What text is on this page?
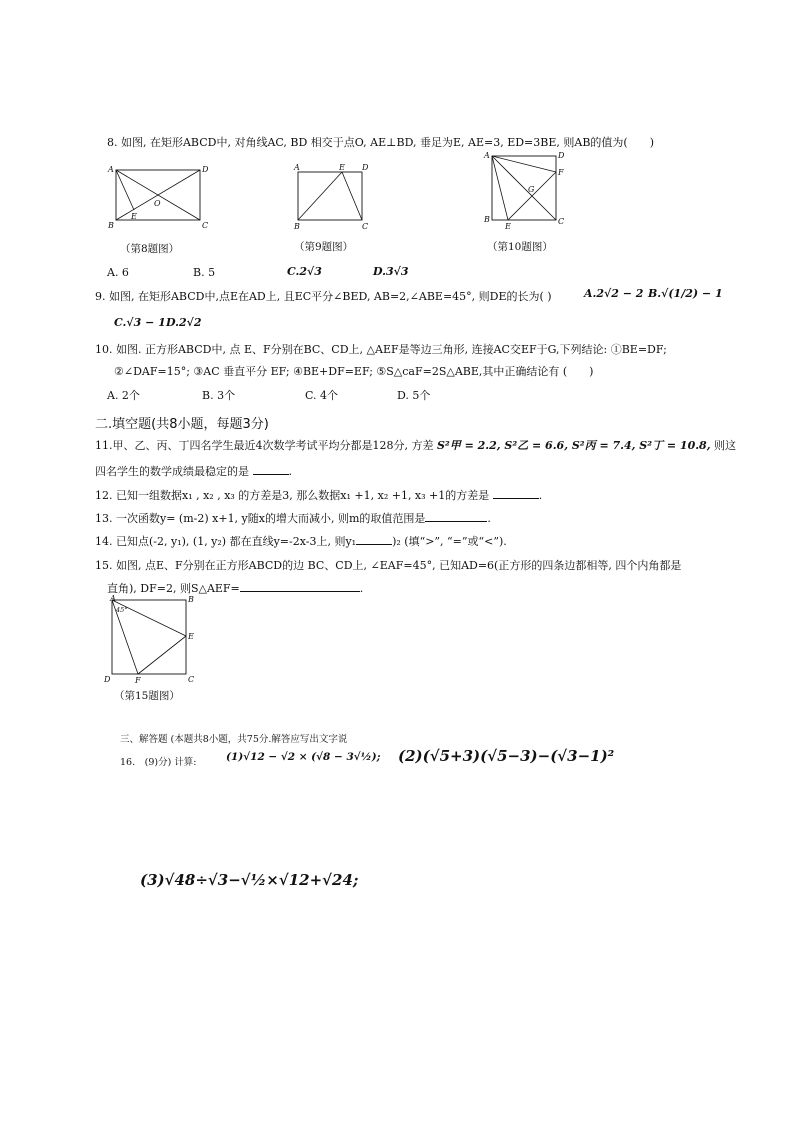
8. 如图, 在矩形ABCD中, 对角线AC, BD 相交于点O, AE⊥BD, 垂足为E, AE=3, ED=3BE, 则AB的值为(　　)
A	D
B	C
E
O
（第8题图）
A	E D
B	C
（第9题图）
A	D
F
G
B
E
C
（第10题图）
A. 6	B. 5	C.2√3	D.3√3
9. 如图, 在矩形ABCD中,点E在AD上, 且EC平分∠BED, AB=2,∠ABE=45°, 则DE的长为( )	A.2√2 − 2 B.√(1/2) − 1
C.√3 − 1 D.2√2
10. 如图. 正方形ABCD中, 点 E、F分别在BC、CD上, △AEF是等边三角形, 连接AC交EF于G,下列结论: ①BE=DF;
②∠DAF=15°; ③AC 垂直平分 EF; ④BE+DF=EF; ⑤S△caF=2S△ABE,其中正确结论有 (　　)
A. 2个	B. 3个	C. 4个	D. 5个
二.填空题(共8小题，每题3分)
11.甲、乙、丙、丁四名学生最近4次数学考试平均分都是128分, 方差 S²甲 = 2.2, S²乙 = 6.6, S²丙 = 7.4, S²丁 = 10.8, 则这
四名学生的数学成绩最稳定的是	.
12. 已知一组数据x₁ , x₂ , x₃ 的方差是3, 那么数据x₁ +1, x₂ +1, x₃ +1的方差是	.
13. 一次函数y= (m-2) x+1, y随x的增大而减小, 则m的取值范围是	.
14. 已知点(-2, y₁), (1, y₂) 都在直线y=-2x-3上, 则y₁	)₂ (填“>”, “=”或“<”).
15. 如图, 点E、F分别在正方形ABCD的边 BC、CD上, ∠EAF=45°, 已知AD=6(正方形的四条边都相等, 四个内角都是
直角), DF=2, 则S△AEF=	.
A	B
E
D	F	C
45°
（第15题图）
三、解答题 (本题共8小题，共75分.解答应写出文字说
16.　(9)分) 计算:	(1)√12 − √2 × (√8 − 3√½); (2)(√5+3)(√5−3)−(√3−1)²
(3)√48÷√3−√½×√12+√24;
